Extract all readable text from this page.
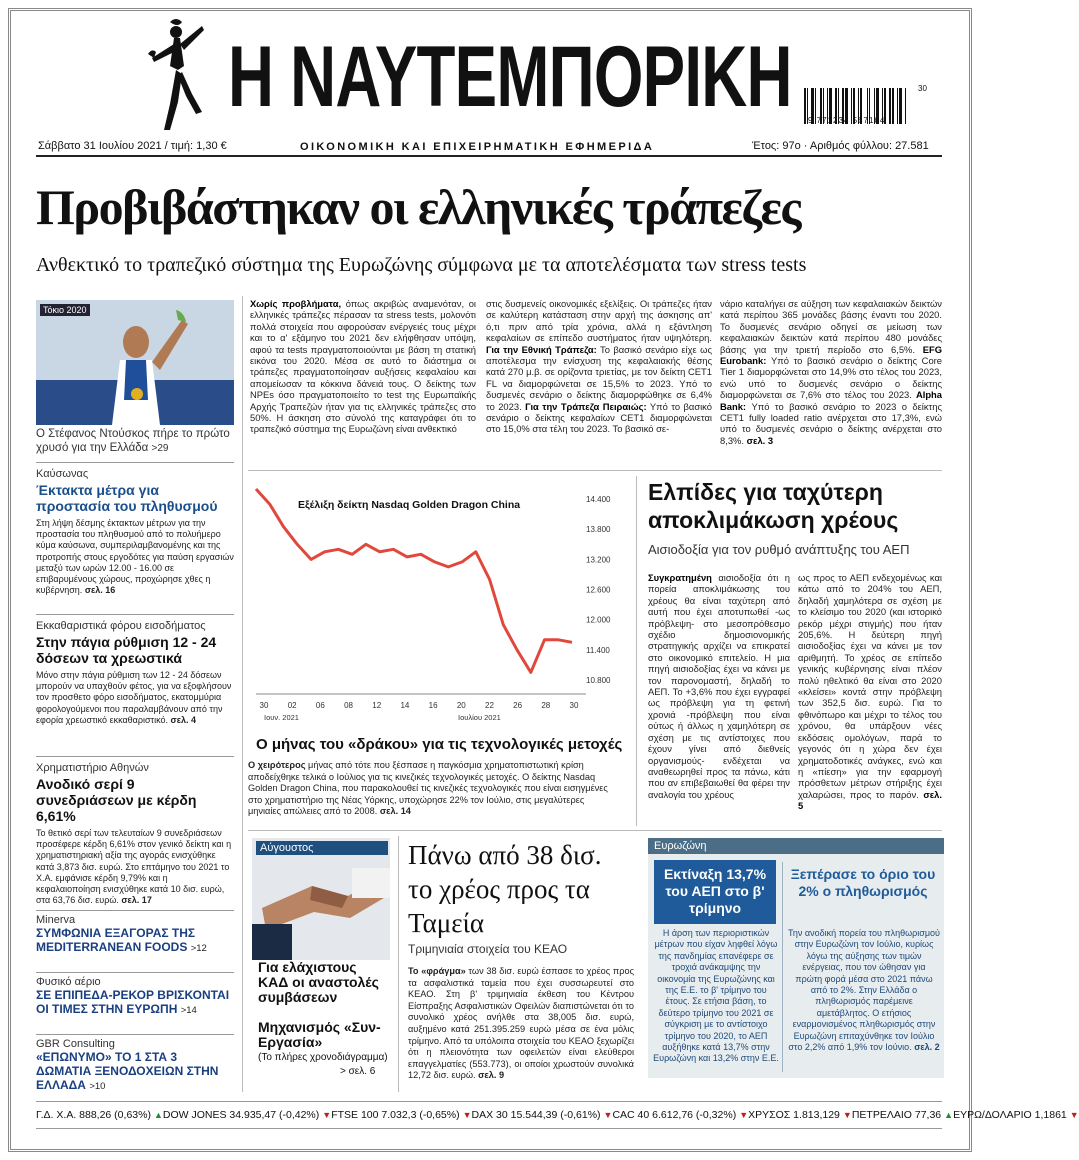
Η ΝΑΥΤΕΜΠΟΡΙΚΗ	30
9 771234 567164
Σάββατο 31 Ιουλίου 2021 / τιμή: 1,30 €	ΟΙΚΟΝΟΜΙΚΗ ΚΑΙ ΕΠΙΧΕΙΡΗΜΑΤΙΚΗ ΕΦΗΜΕΡΙΔΑ	Έτος: 97ο · Αριθμός φύλλου: 27.581
Προβιβάστηκαν οι ελληνικές τράπεζες
Ανθεκτικό το τραπεζικό σύστημα της Ευρωζώνης σύμφωνα με τα αποτελέσματα των stress tests
Τόκιο 2020
Ο Στέφανος Ντούσκος πήρε το πρώτο χρυσό για την Ελλάδα >29
Καύσωνας
Έκτακτα μέτρα για προστασία του πληθυσμού
Στη λήψη δέσμης έκτακτων μέτρων για την προστασία του πληθυσμού από το πολυήμερο κύμα καύσωνα, συμπεριλαμβανομένης και της προτροπής στους εργοδότες για παύση εργασιών μεταξύ των ωρών 12.00 - 16.00 σε επιβαρυμένους χώρους, προχώρησε χθες η κυβέρνηση. σελ. 16
Εκκαθαριστικά φόρου εισοδήματος
Στην πάγια ρύθμιση 12 - 24 δόσεων τα χρεωστικά
Μόνο στην πάγια ρύθμιση των 12 - 24 δόσεων μπορούν να υπαχθούν φέτος, για να εξοφλήσουν τον προσθετο φόρο εισοδήματος, εκατομμύρια φορολογούμενοι που παραλαμβάνουν από την εφορία χρεωστικό εκκαθαριστικό. σελ. 4
Χρηματιστήριο Αθηνών
Ανοδικό σερί 9 συνεδριάσεων με κέρδη 6,61%
Το θετικό σερί των τελευταίων 9 συνεδριάσεων προσέφερε κέρδη 6,61% στον γενικό δείκτη και η χρηματιστηριακή αξία της αγοράς ενισχύθηκε κατά 3,873 δισ. ευρώ. Στο επτάμηνο του 2021 το Χ.Α. εμφάνισε κέρδη 9,79% και η κεφαλαιοποίηση ενισχύθηκε κατά 10 δισ. ευρώ, στα 63,76 δισ. ευρώ. σελ. 17
Minerva
ΣΥΜΦΩΝΙΑ ΕΞΑΓΟΡΑΣ ΤΗΣ MEDITERRANEAN FOODS >12
Φυσικό αέριο
ΣΕ ΕΠΙΠΕΔΑ-ΡΕΚΟΡ ΒΡΙΣΚΟΝΤΑΙ ΟΙ ΤΙΜΕΣ ΣΤΗΝ ΕΥΡΩΠΗ >14
GBR Consulting
«ΕΠΩΝΥΜΟ» ΤΟ 1 ΣΤΑ 3 ΔΩΜΑΤΙΑ ΞΕΝΟΔΟΧΕΙΩΝ ΣΤΗΝ ΕΛΛΑΔΑ >10
Χωρίς προβλήματα, όπως ακριβώς αναμενόταν, οι ελληνικές τράπεζες πέρασαν τα stress tests, μολονότι πολλά στοιχεία που αφορούσαν ενέργειές τους μέχρι και το α' εξάμηνο του 2021 δεν ελήφθησαν υπόψη, αφού τα tests πραγματοποιούνται με βάση τη στατική εικόνα του 2020. Μέσα σε αυτό το διάστημα οι τράπεζες πραγματοποίησαν αυξήσεις κεφαλαίου και απομείωσαν τα κόκκινα δάνειά τους. Ο δείκτης των NPEs όσο πραγματοποιείτο το test της Ευρωπαϊκής Αρχής Τραπεζών ήταν για τις ελληνικές τράπεζες στο 50%. Η άσκηση στο σύνολό της καταγράφει ότι το τραπεζικό σύστημα της Ευρωζώνη είναι ανθεκτικό
στις δυσμενείς οικονομικές εξελίξεις. Οι τράπεζες ήταν σε καλύτερη κατάσταση στην αρχή της άσκησης απ' ό,τι πριν από τρία χρόνια, αλλά η εξάντληση κεφαλαίων σε επίπεδο συστήματος ήταν υψηλότερη. Για την Εθνική Τράπεζα: Το βασικό σενάριο είχε ως αποτέλεσμα την ενίσχυση της κεφαλαιακής θέσης κατά 270 μ.β. σε ορίζοντα τριετίας, με τον δείκτη CET1 FL να διαμορφώνεται σε 15,5% το 2023. Υπό το δυσμενές σενάριο ο δείκτης διαμορφώθηκε σε 6,4% το 2023. Για την Τράπεζα Πειραιώς: Υπό το βασικό σενάριο ο δείκτης κεφαλαίων CET1 διαμορφώνεται στο 15,0% στα τέλη του 2023. Το βασικό σε-
νάριο καταλήγει σε αύξηση των κεφαλαιακών δεικτών κατά περίπου 365 μονάδες βάσης έναντι του 2020. Το δυσμενές σενάριο οδηγεί σε μείωση των κεφαλαιακών δεικτών κατά περίπου 480 μονάδες βάσης για την τριετή περίοδο στο 6,5%. EFG Eurobank: Υπό το βασικό σενάριο ο δείκτης Core Tier 1 διαμορφώνεται στο 14,9% στο τέλος του 2023, ενώ υπό το δυσμενές σενάριο ο δείκτης διαμορφώνεται σε 7,6% στο τέλος του 2023. Alpha Bank: Υπό το βασικό σενάριο το 2023 ο δείκτης CET1 fully loaded ratio ανέρχεται στο 17,3%, ενώ υπό το δυσμενές σενάριο ο δείκτης ανέρχεται στο 8,3%. σελ. 3
Εξέλιξη δείκτη Nasdaq Golden Dragon China	14.400
13.800
13.200
12.600
12.000
11.400
10.800
30 02 06 08 12 14 16 20 22 26 28 30
Ιουν. 2021	Ιουλίου 2021
Ο μήνας του «δράκου» για τις τεχνολογικές μετοχές
Ο χειρότερος μήνας από τότε που ξέσπασε η παγκόσμια χρηματοπιστωτική κρίση αποδείχθηκε τελικά ο Ιούλιος για τις κινεζικές τεχνολογικές μετοχές. Ο δείκτης Nasdaq Golden Dragon China, που παρακολουθεί τις κινεζικές τεχνολογικές που είναι εισηγμένες στο χρηματιστήριο της Νέας Υόρκης, υποχώρησε 22% τον Ιούλιο, στις μεγαλύτερες μηνιαίες απώλειες από το 2008. σελ. 14
Ελπίδες για ταχύτερη αποκλιμάκωση χρέους
Αισιοδοξία για τον ρυθμό ανάπτυξης του ΑΕΠ
Συγκρατημένη αισιοδοξία ότι η πορεία αποκλιμάκωσης του χρέους θα είναι ταχύτερη από αυτή που έχει αποτυπωθεί -ως πρόβλεψη- στο μεσοπρόθεσμο σχέδιο δημοσιονομικής στρατηγικής αρχίζει να επικρατεί στο οικονομικό επιτελείο. Η μια πηγή αισιοδοξίας έχει να κάνει με τον παρονομαστή, δηλαδή το ΑΕΠ. Το +3,6% που έχει εγγραφεί ως πρόβλεψη για τη φετινή χρονιά -πρόβλεψη που είναι ούτως ή άλλως η χαμηλότερη σε σχέση με τις αντίστοιχες που έχουν γίνει από διεθνείς οργανισμούς- ενδέχεται να αναθεωρηθεί προς τα πάνω, κάτι που αν επιβεβαιωθεί θα φέρει την αναλογία του χρέους
ως προς το ΑΕΠ ενδεχομένως και κάτω από το 204% του ΑΕΠ, δηλαδή χαμηλότερα σε σχέση με το κλείσιμο του 2020 (και ιστορικό ρεκόρ μέχρι στιγμής) που ήταν 205,6%. Η δεύτερη πηγή αισιοδοξίας έχει να κάνει με τον αριθμητή. Το χρέος σε επίπεδο γενικής κυβέρνησης είναι πλέον πολύ ηθελτικό θα είναι στο 2020 «κλείσει» κοντά στην πρόβλεψη των 352,5 δισ. ευρώ. Για το φθινόπωρο και μέχρι το τέλος του χρόνου, θα υπάρξουν νέες εκδόσεις ομολόγων, παρά το γεγονός ότι η χώρα δεν έχει χρηματοδοτικές ανάγκες, ενώ και η «πίεση» για την εφαρμογή πρόσθετων μέτρων στήριξης έχει χαλαρώσει, προς το παρόν. σελ. 5
Αύγουστος
Για ελάχιστους ΚΑΔ οι αναστολές συμβάσεων
Μηχανισμός «Συν-Εργασία»
(Το πλήρες χρονοδιάγραμμα)
> σελ. 6
Πάνω από 38 δισ. το χρέος προς τα Ταμεία
Τριμηνιαία στοιχεία του ΚΕΑΟ
Το «φράγμα» των 38 δισ. ευρώ έσπασε το χρέος προς τα ασφαλιστικά ταμεία που έχει συσσωρευτεί στο ΚΕΑΟ. Στη β' τριμηνιαία έκθεση του Κέντρου Είσπραξης Ασφαλιστικών Οφειλών διαπιστώνεται ότι το συνολικό χρέος ανήλθε στα 38,005 δισ. ευρώ, αυξημένο κατά 251.395.259 ευρώ μέσα σε ένα μόλις τρίμηνο. Από τα υπόλοιπα στοιχεία του ΚΕΑΟ ξεχωρίζει ότι η πλειονότητα των οφειλετών είναι ελεύθεροι επαγγελματίες (553.773), οι οποίοι χρωστούν συνολικά 12,72 δισ. ευρώ. σελ. 9
Ευρωζώνη
Εκτίναξη 13,7% του ΑΕΠ στο β' τρίμηνο
Η άρση των περιοριστικών μέτρων που είχαν ληφθεί λόγω της πανδημίας επανέφερε σε τροχιά ανάκαμψης την οικονομία της Ευρωζώνης και της Ε.Ε. το β' τρίμηνο του έτους. Σε ετήσια βάση, το δεύτερο τρίμηνο του 2021 σε σύγκριση με το αντίστοιχο τρίμηνο του 2020, το ΑΕΠ αυξήθηκε κατά 13,7% στην Ευρωζώνη και 13,2% στην Ε.Ε.
Ξεπέρασε το όριο του 2% ο πληθωρισμός
Την ανοδική πορεία του πληθωρισμού στην Ευρωζώνη τον Ιούλιο, κυρίως λόγω της αύξησης των τιμών ενέργειας, που τον ώθησαν για πρώτη φορά μέσα στο 2021 πάνω από το 2%. Στην Ελλάδα ο πληθωρισμός παρέμεινε αμετάβλητος. Ο ετήσιος εναρμονισμένος πληθωρισμός στην Ευρωζώνη επιταχύνθηκε τον Ιούλιο στο 2,2% από 1,9% τον Ιούνιο. σελ. 2
Γ.Δ. Χ.Α. 888,26 (0,63%) ▲ DOW JONES 34.935,47 (-0,42%) ▼ FTSE 100 7.032,3 (-0,65%) ▼ DAX 30 15.544,39 (-0,61%) ▼ CAC 40 6.612,76 (-0,32%) ▼ ΧΡΥΣΟΣ 1.813,129 ▼ ΠΕΤΡΕΛΑΙΟ 77,36 ▲ ΕΥΡΩ/ΔΟΛΑΡΙΟ 1,1861 ▼
